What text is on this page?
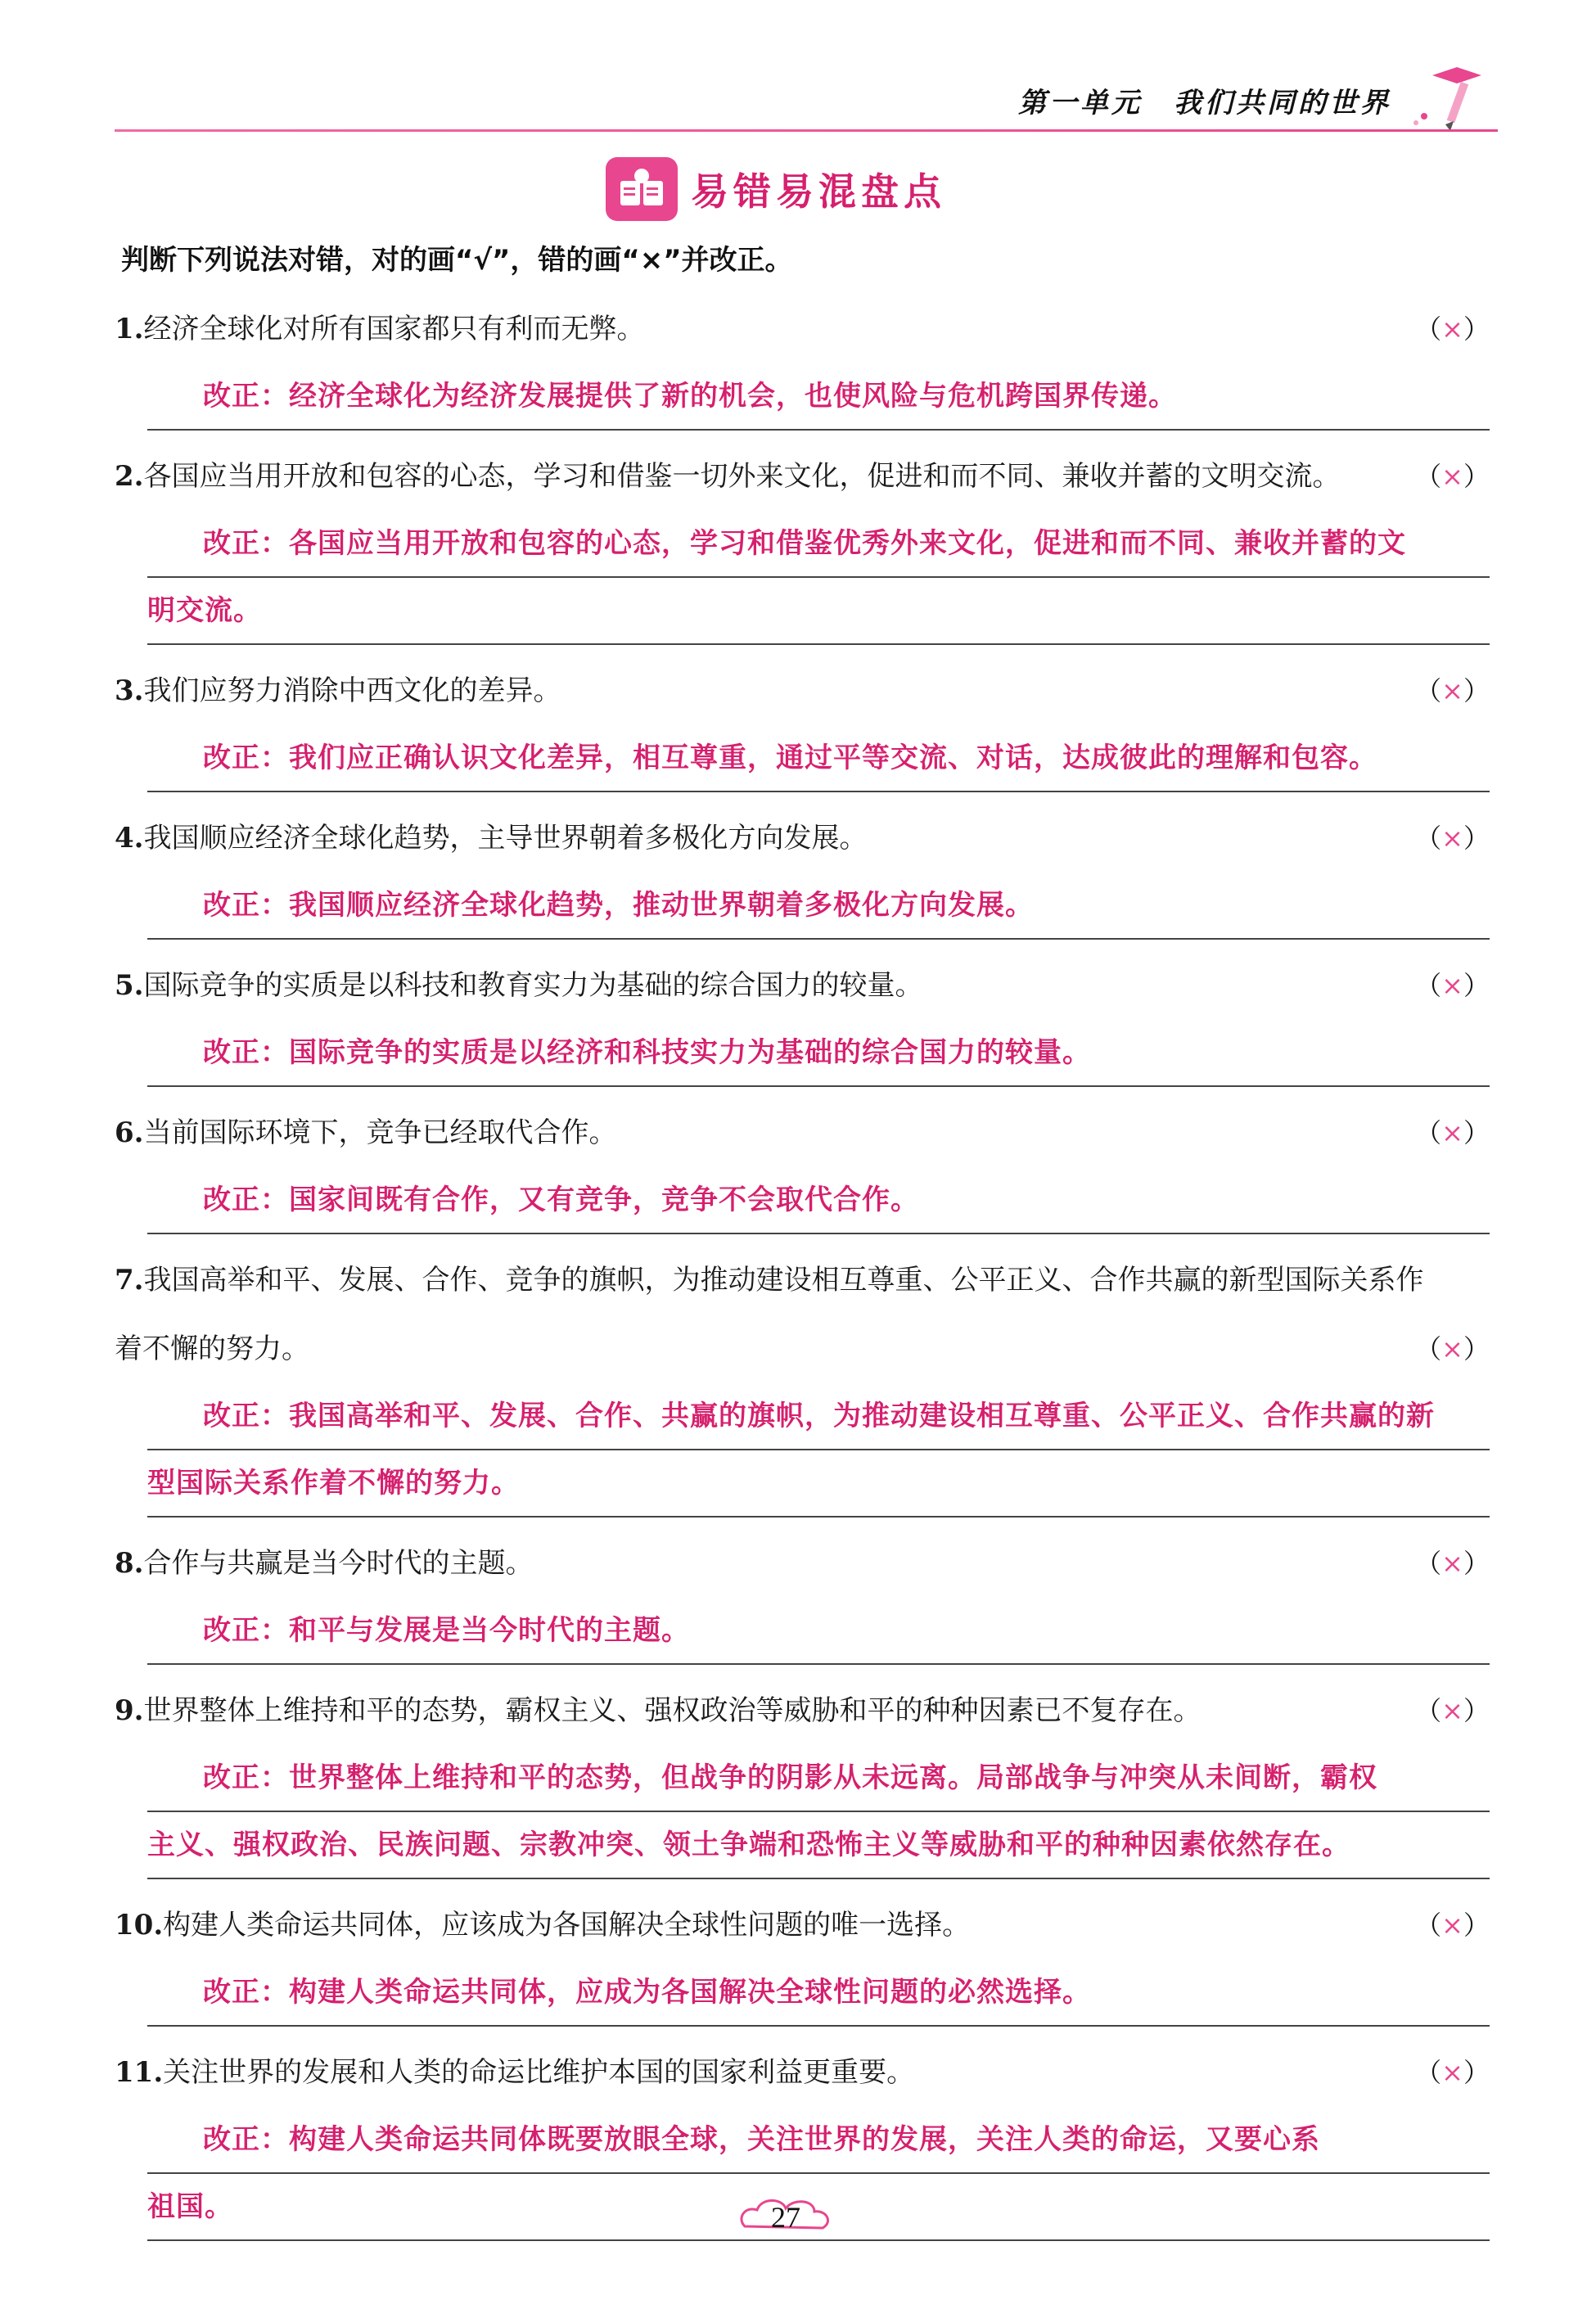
第一单元　我们共同的世界
易错易混盘点
判断下列说法对错，对的画“√”，错的画“×”并改正。
1.经济全球化对所有国家都只有利而无弊。	（×）
改正：经济全球化为经济发展提供了新的机会，也使风险与危机跨国界传递。
2.各国应当用开放和包容的心态，学习和借鉴一切外来文化，促进和而不同、兼收并蓄的文明交流。	（×）
改正：各国应当用开放和包容的心态，学习和借鉴优秀外来文化，促进和而不同、兼收并蓄的文
明交流。
3.我们应努力消除中西文化的差异。	（×）
改正：我们应正确认识文化差异，相互尊重，通过平等交流、对话，达成彼此的理解和包容。
4.我国顺应经济全球化趋势，主导世界朝着多极化方向发展。	（×）
改正：我国顺应经济全球化趋势，推动世界朝着多极化方向发展。
5.国际竞争的实质是以科技和教育实力为基础的综合国力的较量。	（×）
改正：国际竞争的实质是以经济和科技实力为基础的综合国力的较量。
6.当前国际环境下，竞争已经取代合作。	（×）
改正：国家间既有合作，又有竞争，竞争不会取代合作。
7.我国高举和平、发展、合作、竞争的旗帜，为推动建设相互尊重、公平正义、合作共赢的新型国际关系作着不懈的努力。	（×）
改正：我国高举和平、发展、合作、共赢的旗帜，为推动建设相互尊重、公平正义、合作共赢的新
型国际关系作着不懈的努力。
8.合作与共赢是当今时代的主题。	（×）
改正：和平与发展是当今时代的主题。
9.世界整体上维持和平的态势，霸权主义、强权政治等威胁和平的种种因素已不复存在。	（×）
改正：世界整体上维持和平的态势，但战争的阴影从未远离。局部战争与冲突从未间断，霸权
主义、强权政治、民族问题、宗教冲突、领土争端和恐怖主义等威胁和平的种种因素依然存在。
10.构建人类命运共同体，应该成为各国解决全球性问题的唯一选择。	（×）
改正：构建人类命运共同体，应成为各国解决全球性问题的必然选择。
11.关注世界的发展和人类的命运比维护本国的国家利益更重要。	（×）
改正：构建人类命运共同体既要放眼全球，关注世界的发展，关注人类的命运，又要心系
祖国。	27
